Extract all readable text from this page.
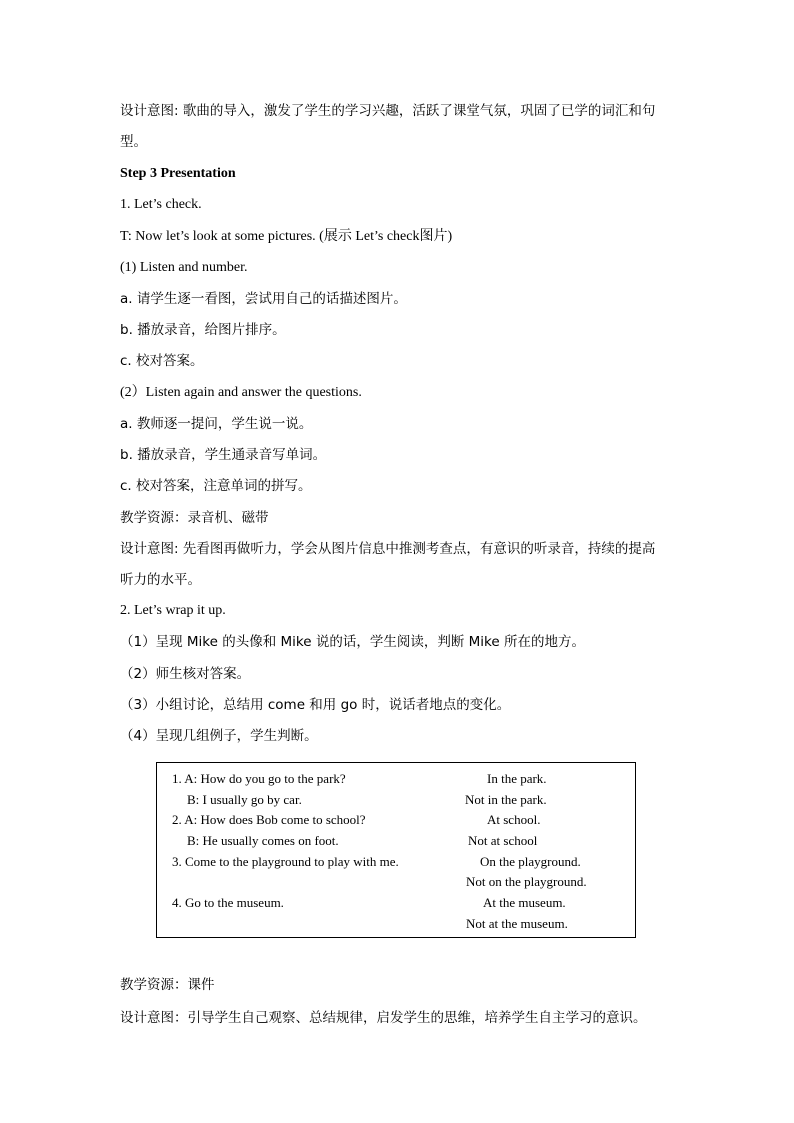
设计意图: 歌曲的导入，激发了学生的学习兴趣，活跃了课堂气氛，巩固了已学的词汇和句
型。
Step 3 Presentation
1. Let’s check.
T: Now let’s look at some pictures. (展示 Let’s check图片)
(1) Listen and number.
a. 请学生逐一看图，尝试用自己的话描述图片。
b. 播放录音，给图片排序。
c. 校对答案。
(2）Listen again and answer the questions.
a. 教师逐一提问，学生说一说。
b. 播放录音，学生通录音写单词。
c. 校对答案，注意单词的拼写。
教学资源：录音机、磁带
设计意图: 先看图再做听力，学会从图片信息中推测考查点，有意识的听录音，持续的提高
听力的水平。
2. Let’s wrap it up.
（1）呈现 Mike 的头像和 Mike 说的话，学生阅读，判断 Mike 所在的地方。
（2）师生核对答案。
（3）小组讨论，总结用 come 和用 go 时，说话者地点的变化。
（4）呈现几组例子，学生判断。
1. A: How do you go to the park?
B: I usually go by car.
2. A: How does Bob come to school?
B: He usually comes on foot.
3. Come to the playground to play with me.
4. Go to the museum.
In the park.
Not in the park.
At school.
Not at school
On the playground.
Not on the playground.
At the museum.
Not at the museum.
教学资源：课件
设计意图：引导学生自己观察、总结规律，启发学生的思维，培养学生自主学习的意识。
